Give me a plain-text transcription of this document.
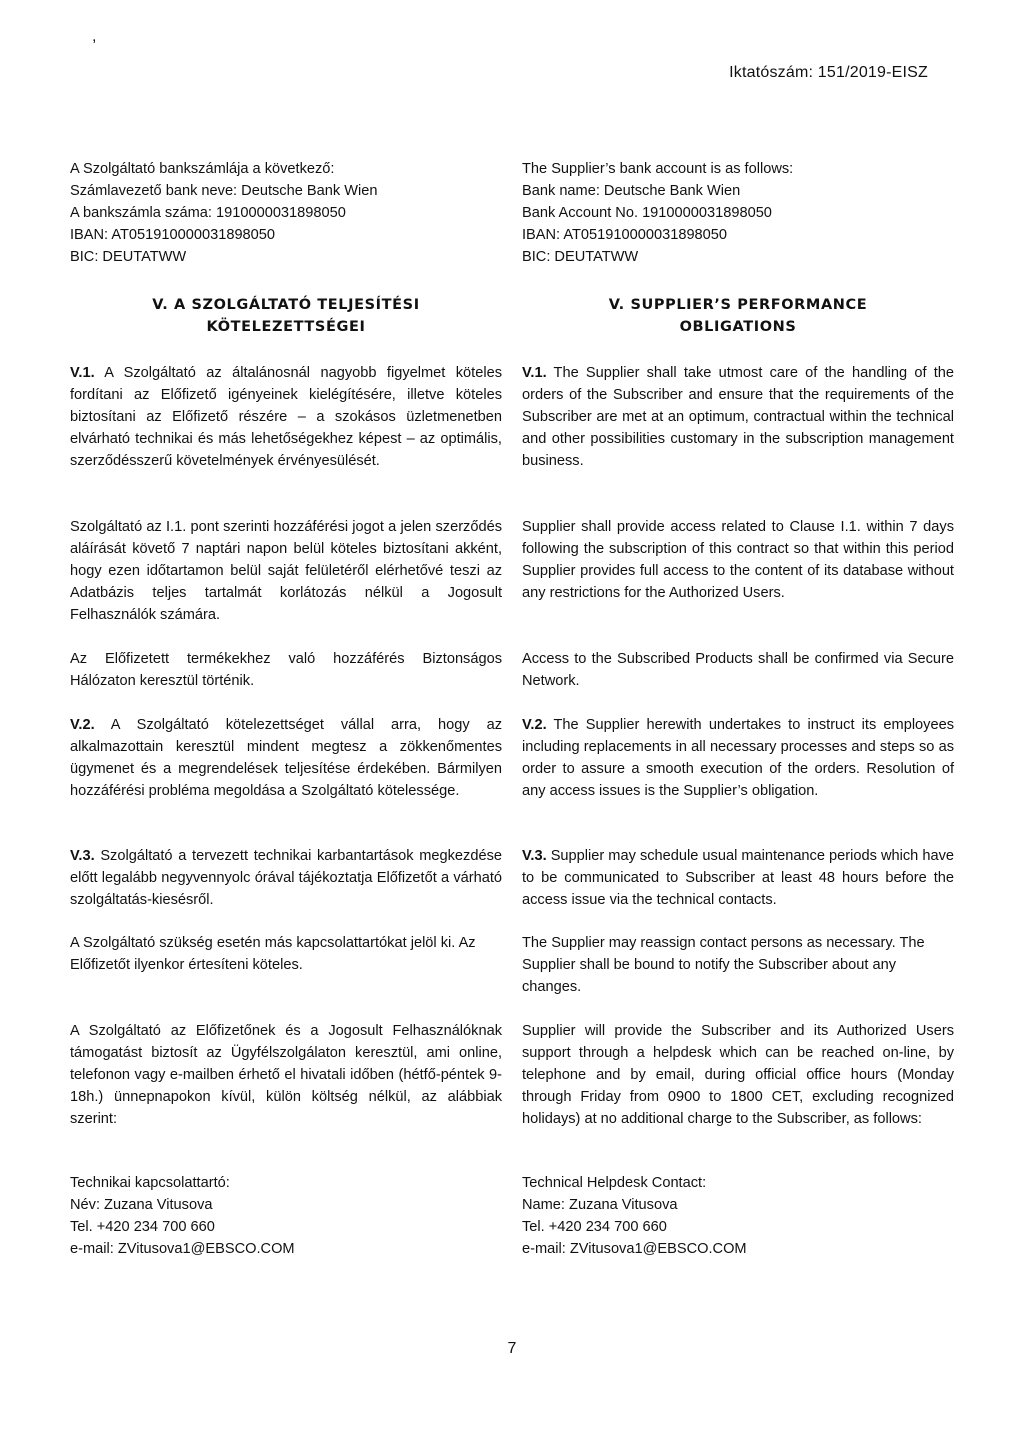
,
Iktatószám: 151/2019-EISZ

A Szolgáltató bankszámlája a következő:

Számlavezető bank neve: Deutsche Bank Wien

A bankszámla száma: 1910000031898050

IBAN: AT051910000031898050

BIC: DEUTATWW

The Supplier’s bank account is as follows:

Bank name: Deutsche Bank Wien

Bank Account No. 1910000031898050

IBAN: AT051910000031898050

BIC: DEUTATWW

V. A SZOLGÁLTATÓ TELJESÍTÉSI
KÖTELEZETTSÉGEI
V. SUPPLIER’S PERFORMANCE
OBLIGATIONS

V.1. A Szolgáltató az általánosnál nagyobb figyelmet köteles fordítani az Előfizető igényeinek kielégítésére, illetve köteles biztosítani az Előfizető részére – a szokásos üzletmenetben elvárható technikai és más lehetőségekhez képest – az optimális, szerződésszerű követelmények érvényesülését.

V.1. The Supplier shall take utmost care of the handling of the orders of the Subscriber and ensure that the requirements of the Subscriber are met at an optimum, contractual within the technical and other possibilities customary in the subscription management business.

Szolgáltató az I.1. pont szerinti hozzáférési jogot a jelen szerződés aláírását követő 7 naptári napon belül köteles biztosítani akként, hogy ezen időtartamon belül saját felületéről elérhetővé teszi az Adatbázis teljes tartalmát korlátozás nélkül a Jogosult Felhasználók számára.

Supplier shall provide access related to Clause I.1. within 7 days following the subscription of this contract so that within this period Supplier provides full access to the content of its database without any restrictions for the Authorized Users.

Az Előfizetett termékekhez való hozzáférés Biztonságos Hálózaton keresztül történik.

Access to the Subscribed Products shall be confirmed via Secure Network.

V.2. A Szolgáltató kötelezettséget vállal arra, hogy az alkalmazottain keresztül mindent megtesz a zökkenőmentes ügymenet és a megrendelések teljesítése érdekében. Bármilyen hozzáférési probléma megoldása a Szolgáltató kötelessége.

V.2. The Supplier herewith undertakes to instruct its employees including replacements in all necessary processes and steps so as order to assure a smooth execution of the orders. Resolution of any access issues is the Supplier’s obligation.

V.3. Szolgáltató a tervezett technikai karbantartások megkezdése előtt legalább negyvennyolc órával tájékoztatja Előfizetőt a várható szolgáltatás-kiesésről.

V.3. Supplier may schedule usual maintenance periods which have to be communicated to Subscriber at least 48 hours before the access issue via the technical contacts.

A Szolgáltató szükség esetén más kapcsolattartókat jelöl ki. Az Előfizetőt ilyenkor értesíteni köteles.

The Supplier may reassign contact persons as necessary. The Supplier shall be bound to notify the Subscriber about any changes.

A Szolgáltató az Előfizetőnek és a Jogosult Felhasználóknak támogatást biztosít az Ügyfélszolgálaton keresztül, ami online, telefonon vagy e-mailben érhető el hivatali időben (hétfő-péntek 9-18h.) ünnepnapokon kívül, külön költség nélkül, az alábbiak szerint:

Supplier will provide the Subscriber and its Authorized Users support through a helpdesk which can be reached on-line, by telephone and by email, during official office hours (Monday through Friday from 0900 to 1800 CET, excluding recognized holidays) at no additional charge to the Subscriber, as follows:

Technikai kapcsolattartó:

Név: Zuzana Vitusova

Tel. +420 234 700 660

e-mail: ZVitusova1@EBSCO.COM

Technical Helpdesk Contact:

Name: Zuzana Vitusova

Tel. +420 234 700 660

e-mail: ZVitusova1@EBSCO.COM

7
